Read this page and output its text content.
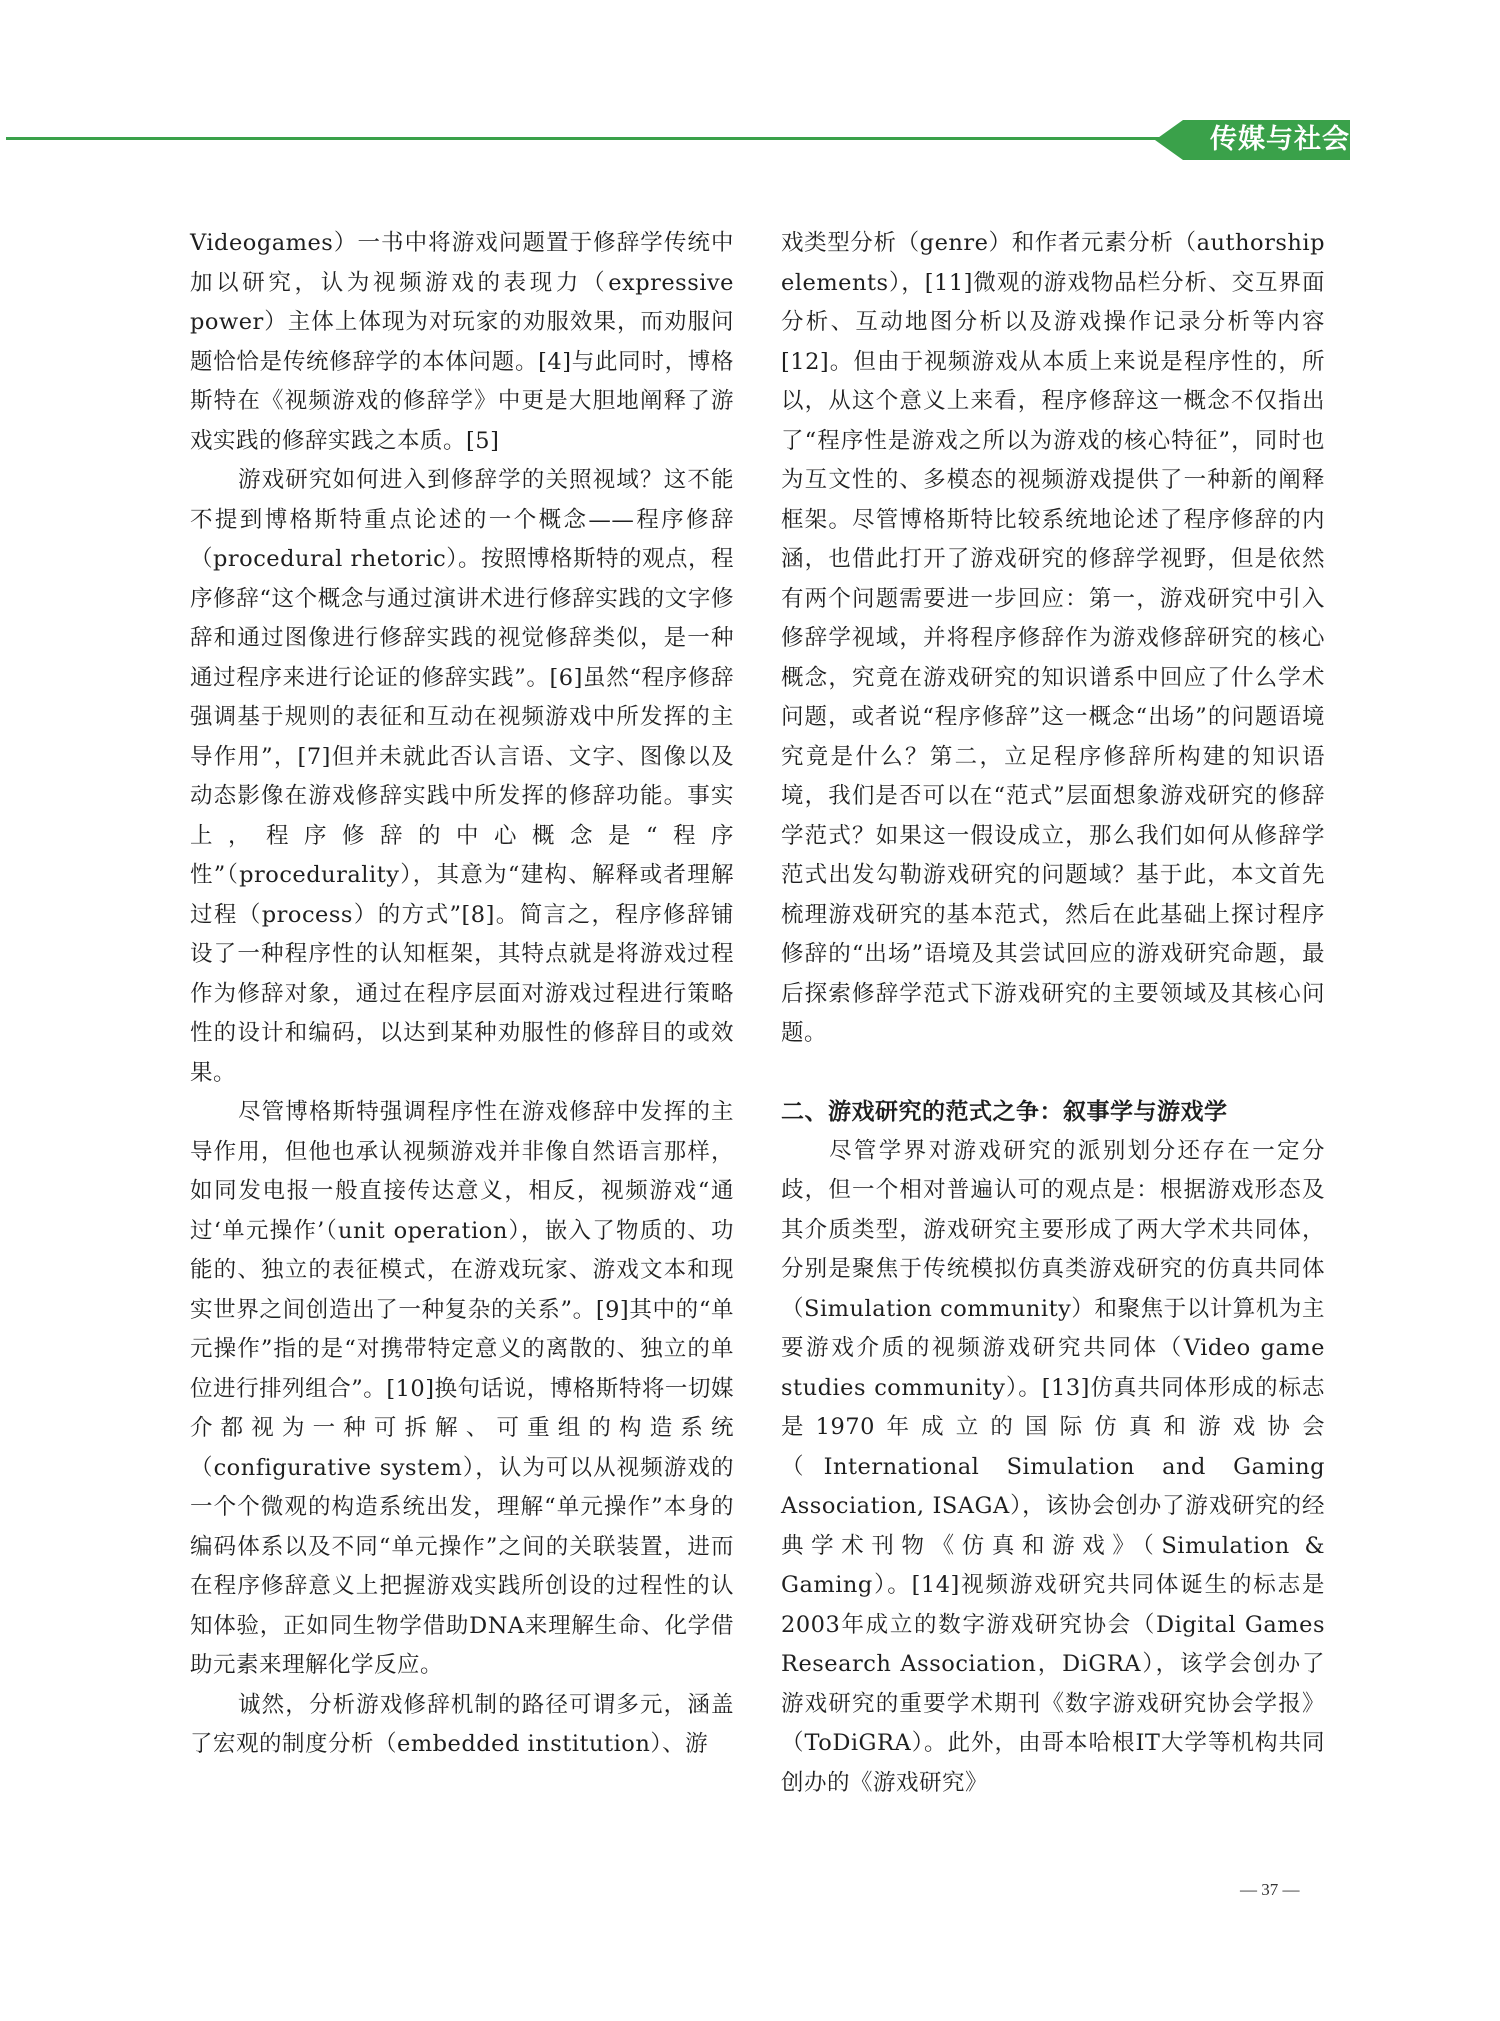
传媒与社会

Videogames）一书中将游戏问题置于修辞学传统中加以研究，认为视频游戏的表现力（expressive power）主体上体现为对玩家的劝服效果，而劝服问题恰恰是传统修辞学的本体问题。[4]与此同时，博格斯特在《视频游戏的修辞学》中更是大胆地阐释了游戏实践的修辞实践之本质。[5]

游戏研究如何进入到修辞学的关照视域？这不能不提到博格斯特重点论述的一个概念——程序修辞（procedural rhetoric）。按照博格斯特的观点，程序修辞“这个概念与通过演讲术进行修辞实践的文字修辞和通过图像进行修辞实践的视觉修辞类似，是一种通过程序来进行论证的修辞实践”。[6]虽然“程序修辞强调基于规则的表征和互动在视频游戏中所发挥的主导作用”，[7]但并未就此否认言语、文字、图像以及动态影像在游戏修辞实践中所发挥的修辞功能。事实上，程序修辞的中心概念是“程序性”（procedurality），其意为“建构、解释或者理解过程（process）的方式”[8]。简言之，程序修辞铺设了一种程序性的认知框架，其特点就是将游戏过程作为修辞对象，通过在程序层面对游戏过程进行策略性的设计和编码，以达到某种劝服性的修辞目的或效果。

尽管博格斯特强调程序性在游戏修辞中发挥的主导作用，但他也承认视频游戏并非像自然语言那样，如同发电报一般直接传达意义，相反，视频游戏“通过‘单元操作’（unit operation），嵌入了物质的、功能的、独立的表征模式，在游戏玩家、游戏文本和现实世界之间创造出了一种复杂的关系”。[9]其中的“单元操作”指的是“对携带特定意义的离散的、独立的单位进行排列组合”。[10]换句话说，博格斯特将一切媒介都视为一种可拆解、可重组的构造系统（configurative system），认为可以从视频游戏的一个个微观的构造系统出发，理解“单元操作”本身的编码体系以及不同“单元操作”之间的关联装置，进而在程序修辞意义上把握游戏实践所创设的过程性的认知体验，正如同生物学借助DNA来理解生命、化学借助元素来理解化学反应。

诚然，分析游戏修辞机制的路径可谓多元，涵盖了宏观的制度分析（embedded institution）、游

戏类型分析（genre）和作者元素分析（authorship elements），[11]微观的游戏物品栏分析、交互界面分析、互动地图分析以及游戏操作记录分析等内容[12]。但由于视频游戏从本质上来说是程序性的，所以，从这个意义上来看，程序修辞这一概念不仅指出了“程序性是游戏之所以为游戏的核心特征”，同时也为互文性的、多模态的视频游戏提供了一种新的阐释框架。尽管博格斯特比较系统地论述了程序修辞的内涵，也借此打开了游戏研究的修辞学视野，但是依然有两个问题需要进一步回应：第一，游戏研究中引入修辞学视域，并将程序修辞作为游戏修辞研究的核心概念，究竟在游戏研究的知识谱系中回应了什么学术问题，或者说“程序修辞”这一概念“出场”的问题语境究竟是什么？第二，立足程序修辞所构建的知识语境，我们是否可以在“范式”层面想象游戏研究的修辞学范式？如果这一假设成立，那么我们如何从修辞学范式出发勾勒游戏研究的问题域？基于此，本文首先梳理游戏研究的基本范式，然后在此基础上探讨程序修辞的“出场”语境及其尝试回应的游戏研究命题，最后探索修辞学范式下游戏研究的主要领域及其核心问题。

二、游戏研究的范式之争：叙事学与游戏学

尽管学界对游戏研究的派别划分还存在一定分歧，但一个相对普遍认可的观点是：根据游戏形态及其介质类型，游戏研究主要形成了两大学术共同体，分别是聚焦于传统模拟仿真类游戏研究的仿真共同体（Simulation community）和聚焦于以计算机为主要游戏介质的视频游戏研究共同体（Video game studies community）。[13]仿真共同体形成的标志是1970年成立的国际仿真和游戏协会（International Simulation and Gaming Association, ISAGA），该协会创办了游戏研究的经典学术刊物《仿真和游戏》（Simulation & Gaming）。[14]视频游戏研究共同体诞生的标志是2003年成立的数字游戏研究协会（Digital Games Research Association，DiGRA），该学会创办了游戏研究的重要学术期刊《数字游戏研究协会学报》（ToDiGRA）。此外，由哥本哈根IT大学等机构共同创办的《游戏研究》

— 37 —
